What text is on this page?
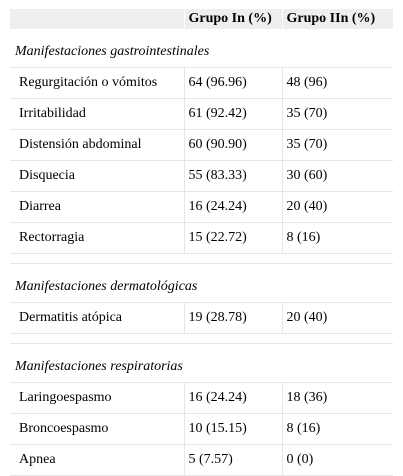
	Grupo In (%)	Grupo IIn (%)
Manifestaciones gastrointestinales		
Regurgitación o vómitos	64 (96.96)	48 (96)
Irritabilidad	61 (92.42)	35 (70)
Distensión abdominal	60 (90.90)	35 (70)
Disquecia	55 (83.33)	30 (60)
Diarrea	16 (24.24)	20 (40)
Rectorragia	15 (22.72)	8 (16)

Manifestaciones dermatológicas		
Dermatitis atópica	19 (28.78)	20 (40)

Manifestaciones respiratorias		
Laringoespasmo	16 (24.24)	18 (36)
Broncoespasmo	10 (15.15)	8 (16)
Apnea	5 (7.57)	0 (0)
